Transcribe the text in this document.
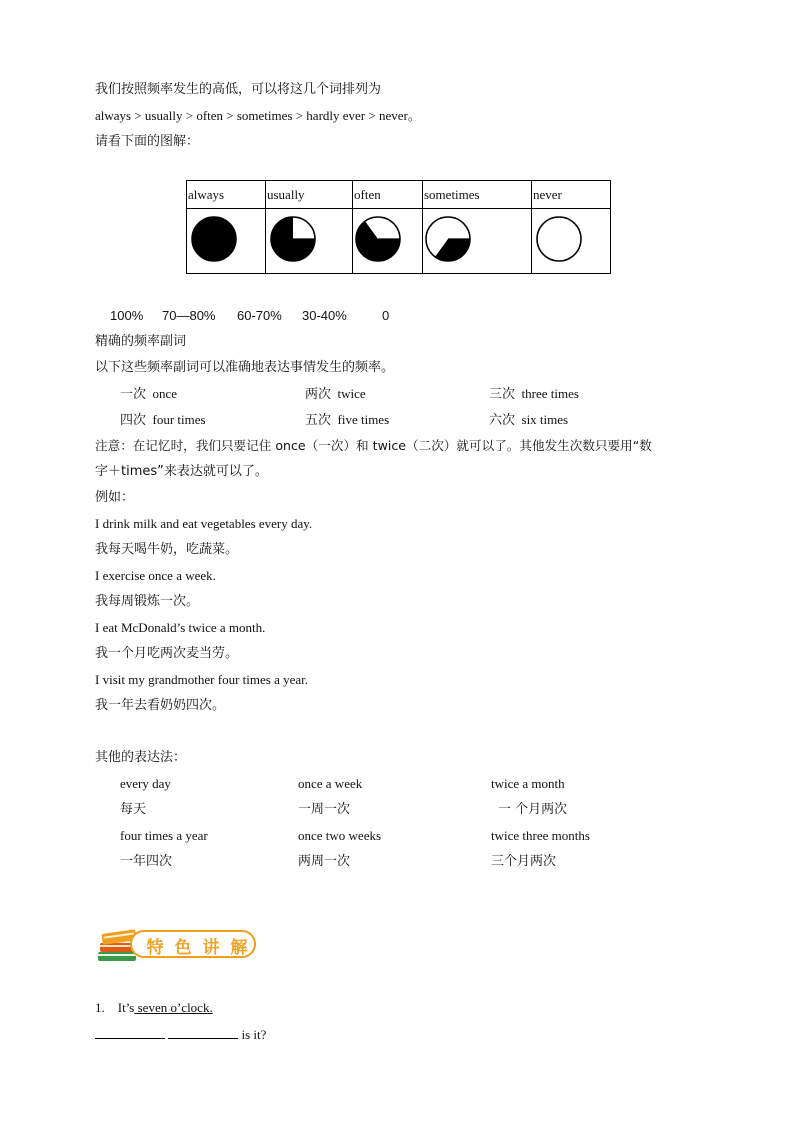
我们按照频率发生的高低，可以将这几个词排列为
always > usually > often > sometimes > hardly ever > never。
请看下面的图解：
always	usually	often	sometimes	never

100% 70—80% 60-70% 30-40%	0
精确的频率副词
以下这些频率副词可以准确地表达事情发生的频率。
一次 once	两次 twice	三次 three times
四次 four times	五次 five times	六次 six times
注意：在记忆时，我们只要记住 once（一次）和 twice（二次）就可以了。其他发生次数只要用“数
字＋times”来表达就可以了。
例如：
I drink milk and eat vegetables every day.
我每天喝牛奶，吃蔬菜。
I exercise once a week.
我每周锻炼一次。
I eat McDonald’s twice a month.
我一个月吃两次麦当劳。
I visit my grandmother four times a year.
我一年去看奶奶四次。
其他的表达法：
every day	once a week	twice a month
每天	一周一次	一 个月两次
four times a year	once two weeks	twice three months
一年四次	两周一次	三个月两次
特 色 讲 解
1. It’s seven o’clock.
is it?
